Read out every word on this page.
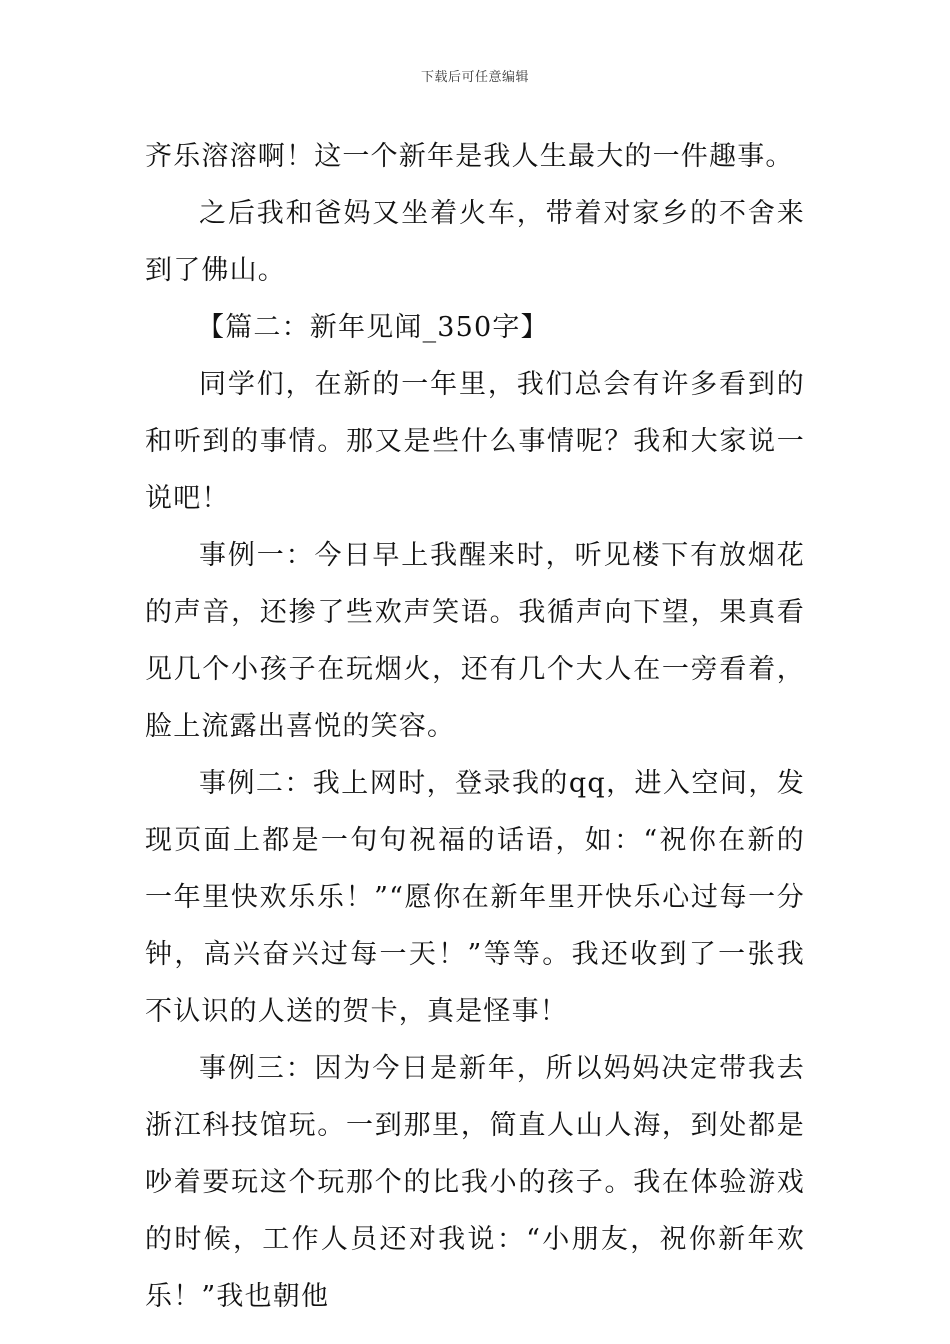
下载后可任意编辑

齐乐溶溶啊！这一个新年是我人生最大的一件趣事。

之后我和爸妈又坐着火车，带着对家乡的不舍来到了佛山。

【篇二：新年见闻_350字】

同学们，在新的一年里，我们总会有许多看到的和听到的事情。那又是些什么事情呢？我和大家说一说吧！

事例一：今日早上我醒来时，听见楼下有放烟花的声音，还掺了些欢声笑语。我循声向下望，果真看见几个小孩子在玩烟火，还有几个大人在一旁看着，脸上流露出喜悦的笑容。

事例二：我上网时，登录我的qq，进入空间，发现页面上都是一句句祝福的话语，如：“祝你在新的一年里快欢乐乐！”“愿你在新年里开快乐心过每一分钟，高兴奋兴过每一天！”等等。我还收到了一张我不认识的人送的贺卡，真是怪事！

事例三：因为今日是新年，所以妈妈决定带我去浙江科技馆玩。一到那里，简直人山人海，到处都是吵着要玩这个玩那个的比我小的孩子。我在体验游戏的时候，工作人员还对我说：“小朋友，祝你新年欢乐！”我也朝他
